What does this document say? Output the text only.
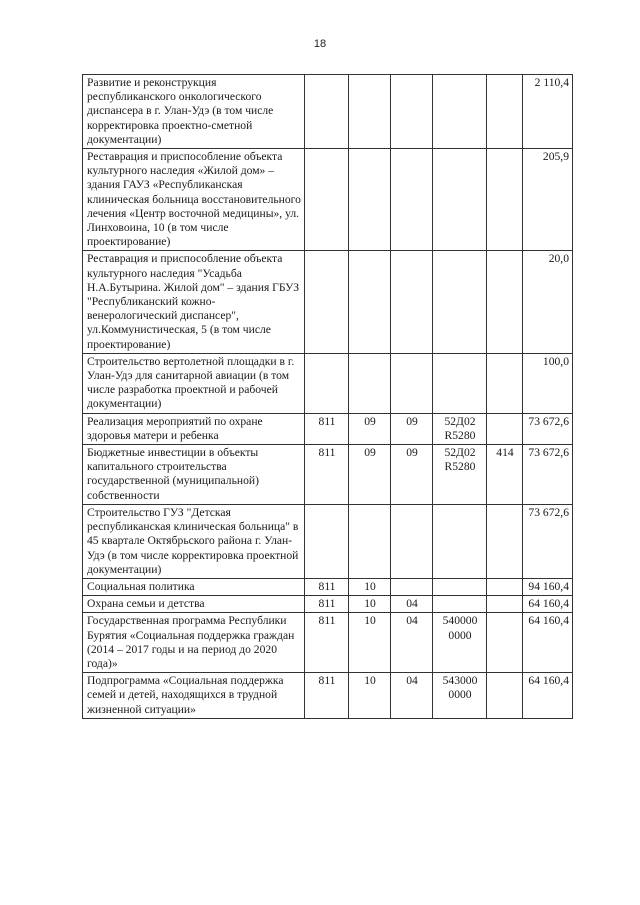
18
Развитие и реконструкция республиканского онкологического диспансера в г. Улан-Удэ (в том числе корректировка проектно-сметной документации)						2 110,4
Реставрация и приспособление объекта культурного наследия «Жилой дом» – здания ГАУЗ «Республиканская клиническая больница восстановительного лечения «Центр восточной медицины», ул. Линховоина, 10 (в том числе проектирование)						205,9
Реставрация и приспособление объекта культурного наследия "Усадьба Н.А.Бутырина. Жилой дом" – здания ГБУЗ "Республиканский кожно-венерологический диспансер", ул.Коммунистическая, 5 (в том числе проектирование)						20,0
Строительство вертолетной площадки в г. Улан-Удэ для санитарной авиации (в том числе разработка проектной и рабочей документации)						100,0
Реализация мероприятий по охране здоровья матери и ребенка	811	09	09	52Д02 R5280		73 672,6
Бюджетные инвестиции в объекты капитального строительства государственной (муниципальной) собственности	811	09	09	52Д02 R5280	414	73 672,6
Строительство ГУЗ "Детская республиканская клиническая больница" в 45 квартале Октябрьского района г. Улан-Удэ (в том числе корректировка проектной документации)						73 672,6
Социальная политика	811	10				94 160,4
Охрана семьи и детства	811	10	04			64 160,4
Государственная программа Республики Бурятия «Социальная поддержка граждан (2014 – 2017 годы и на период до 2020 года)»	811	10	04	540000 0000		64 160,4
Подпрограмма «Социальная поддержка семей и детей, находящихся в трудной жизненной ситуации»	811	10	04	543000 0000		64 160,4
